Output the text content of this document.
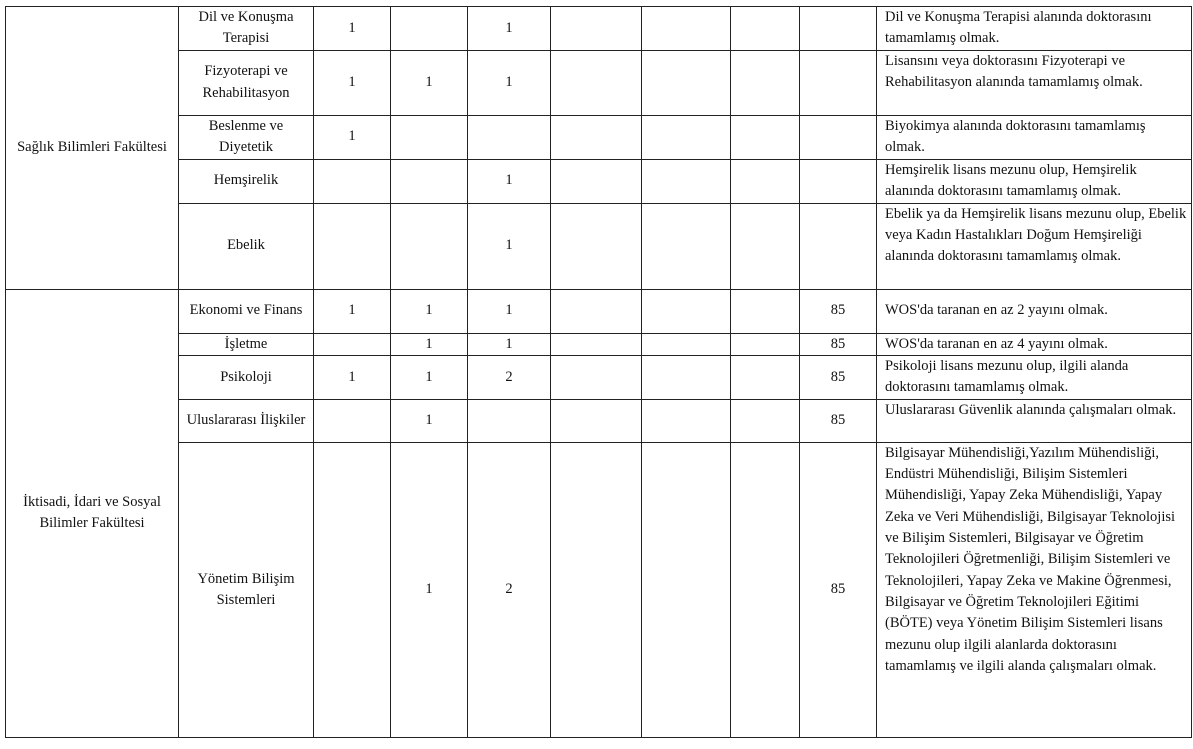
Sağlık Bilimleri Fakültesi	Dil ve Konuşma Terapisi	1		1					Dil ve Konuşma Terapisi alanında doktorasını tamamlamış olmak.
	Fizyoterapi ve Rehabilitasyon	1	1	1					Lisansını veya doktorasını Fizyoterapi ve Rehabilitasyon alanında tamamlamış olmak.
	Beslenme ve Diyetetik	1							Biyokimya alanında doktorasını tamamlamış olmak.
	Hemşirelik			1					Hemşirelik lisans mezunu olup, Hemşirelik alanında doktorasını tamamlamış olmak.
	Ebelik			1					Ebelik ya da Hemşirelik lisans mezunu olup, Ebelik veya Kadın Hastalıkları Doğum Hemşireliği alanında doktorasını tamamlamış olmak.
İktisadi, İdari ve Sosyal Bilimler Fakültesi	Ekonomi ve Finans	1	1	1				85	WOS'da taranan en az 2 yayını olmak.
	İşletme		1	1				85	WOS'da taranan en az 4 yayını olmak.
	Psikoloji	1	1	2				85	Psikoloji lisans mezunu olup, ilgili alanda doktorasını tamamlamış olmak.
	Uluslararası İlişkiler		1					85	Uluslararası Güvenlik alanında çalışmaları olmak.
	Yönetim Bilişim Sistemleri		1	2				85	Bilgisayar Mühendisliği,Yazılım Mühendisliği, Endüstri Mühendisliği, Bilişim Sistemleri Mühendisliği, Yapay Zeka Mühendisliği, Yapay Zeka ve Veri Mühendisliği, Bilgisayar Teknolojisi ve Bilişim Sistemleri, Bilgisayar ve Öğretim Teknolojileri Öğretmenliği, Bilişim Sistemleri ve Teknolojileri, Yapay Zeka ve Makine Öğrenmesi, Bilgisayar ve Öğretim Teknolojileri Eğitimi (BÖTE) veya Yönetim Bilişim Sistemleri lisans mezunu olup ilgili alanlarda doktorasını tamamlamış ve ilgili alanda çalışmaları olmak.
